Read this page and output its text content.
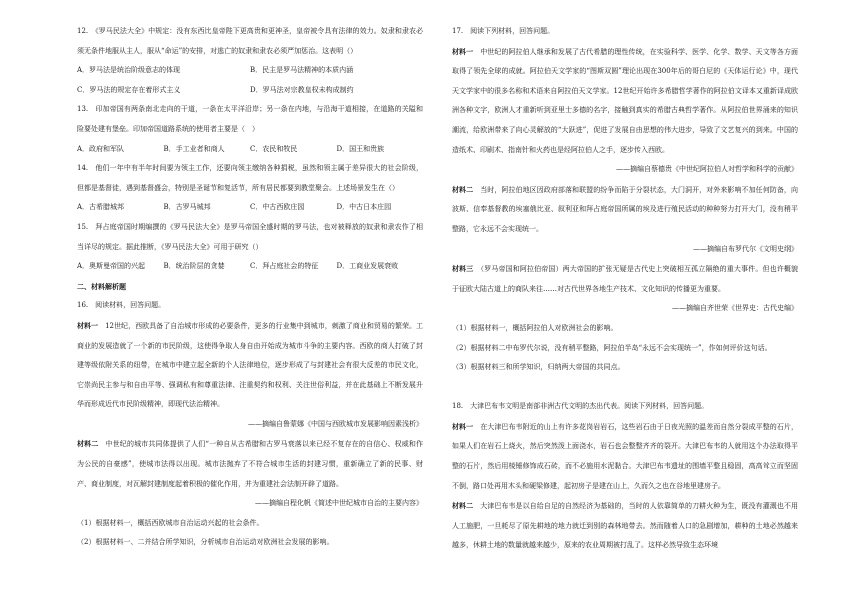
12.　《罗马民法大全》中规定：没有东西比皇帝陛下更高贵和更神圣，皇帝被令具有法律的效力。奴隶和隶农必须无条件地服从主人，服从“命运”的安排，对逃亡的奴隶和隶农必须严加惩治。这表明（）

A．罗马法是统治阶级意志的体现	B．民主是罗马法精神的本质内涵
C．罗马法的规定存在着形式主义	D．罗马法对宗教皇权未构成制约

13.　印加帝国有两条南北走向的干道，一条在太平洋沿岸；另一条在内地，与沿海干道相接，在道路的关隘和险要处建有堡垒。印加帝国道路系统的使用者主要是（　）

A．政府和军队	B．手工业者和商人	C．农民和牧民	D．国王和贵族

14.　他们一年中有半年时间要为领主工作，还要向领主缴纳各种捐税，虽然和领主属于差异很大的社会阶级，但都是基督徒，遇到基督盛会，特别是圣诞节和复活节，所有居民都要到教堂聚会。上述场景发生在（）

A．古希腊城邦	B．古罗马城邦	C．中古西欧庄园	D．中古日本庄园

15.　拜占庭帝国时期编撰的《罗马民法大全》是罗马帝国全盛时期的罗马法，也对被释放的奴隶和隶农作了相当详尽的规定。据此推断，《罗马民法大全》可用于研究（）

A．奥斯曼帝国的兴起	B．统治阶层的贪婪	C．拜占庭社会的特征	D．工商业发展衰败

二、材料解析题

16.　阅读材料，回答问题。

材料一　12世纪，西欧具备了自治城市形成的必要条件，更多的行业集中到城市，刺激了商业和贸易的繁荣。工商业的发展造就了一个新的市民阶级，这使得争取人身自由开始成为城市斗争的主要内容。西欧的商人打破了封建等级依附关系的纽带，在城市中建立起全新的个人法律地位，逐步形成了与封建社会有很大反差的市民文化，它崇尚民主参与和自由平等、强调私有和尊重法律、注重契约和权利、关注世俗利益，并在此基础上不断发展升华而形成近代市民阶级精神，即现代法治精神。

——摘编自鲁蒙娜《中国与西欧城市发展影响因素浅析》

材料二　中世纪的城市共同体提供了人们“一种自从古希腊和古罗马衰落以来已经不复存在的自信心、权威和作为公民的自豪感”，使城市法得以出现。城市法抛弃了不符合城市生活的封建习惯，重新确立了新的民事、财产、商业制度，对瓦解封建制度起着积极的催化作用，并为重建社会法制开辟了道路。

——摘编自程化帆《简述中世纪城市自治的主要内容》

（1）根据材料一，概括西欧城市自治运动兴起的社会条件。

（2）根据材料一、二并结合所学知识，分析城市自治运动对欧洲社会发展的影响。

17.　阅读下列材料，回答问题。

材料一　中世纪的阿拉伯人继承和发展了古代希腊的理性传统，在实验科学、医学、化学、数学、天文等各方面取得了领先全球的成就。阿拉伯天文学家的“图斯双圆”理论出现在300年后的哥白尼的《天体运行论》中，现代天文学家中的很多名称和术语来自阿拉伯天文学家。12世纪开始许多希腊哲学著作的阿拉伯文译本又重新译成欧洲各种文字，欧洲人才重新听到亚里士多德的名字，接触到真实的希腊古典哲学著作。从阿拉伯世界涌来的知识潮流，给欧洲带来了向心灵解放的“大跃进”，促进了发展自由思想的伟大进步，导致了文艺复兴的到来。中国的造纸术、印刷术、指南针和火药也是经阿拉伯人之手，逐步传入西欧。

——摘编自蔡德贵《中世纪阿拉伯人对哲学和科学的贡献》

材料二　当时，阿拉伯地区因政府部落和联盟的纷争而陷于分裂状态，大门洞开，对外来影响不加任何防备，向波斯、信奉基督教的埃塞俄比亚、叙利亚和拜占庭帝国所属的埃及进行殖民活动的种种努力打开大门，没有稍平整路，它永远不会实现统一。

——摘编自布罗代尔《文明史纲》

材料三　（罗马帝国和阿拉伯帝国）两大帝国的扩张无疑是古代史上突破相互孤立隔绝的重大事件。但也许概貌于征欧大陆古道上的商队来往……对古代世界各地生产技术、文化知识的传播更为重要。

——摘编自齐世荣《世界史：古代史编》

（1）根据材料一，概括阿拉伯人对欧洲社会的影响。

（2）根据材料二中布罗代尔说，没有稍平整路，阿拉伯半岛“永远不会实现统一”，作如何评价这句话。

（3）根据材料三和所学知识，归纳两大帝国的共同点。

18.　大津巴布韦文明是南部非洲古代文明的杰出代表。阅读下列材料，回答问题。

材料一　在大津巴布韦附近的山上有许多花岗岩岩石，这些岩石由于日夜光照的温差而自然分裂成平整的石片，如果人们在岩石上烧火，然后突然泼上面浇水，岩石也会整整齐齐的裂开。大津巴布韦的人就用这个办法取得平整的石片，然后用棱锤修饰成石砖，而不必施用水泥黏合。大津巴布韦遗址的围墙平整且稳固，高高耸立而坚固不倒，路口处再用木头和硬梁修建，起初房子是建在山上，久而久之也在谷地里建房子。

材料二　大津巴布韦是以自给自足的自然经济为基础的，当时的人依靠简单的刀耕火种为生，既没有灌溉也不用人工施肥，一旦耗尽了原先耕地的地力就迁到别的森林地带去。然而随着人口的急剧增加，耕种的土地必然越来越多，休耕土地的数量就越来越少，原来的农业周期被打乱了。这样必然导致生态环境
